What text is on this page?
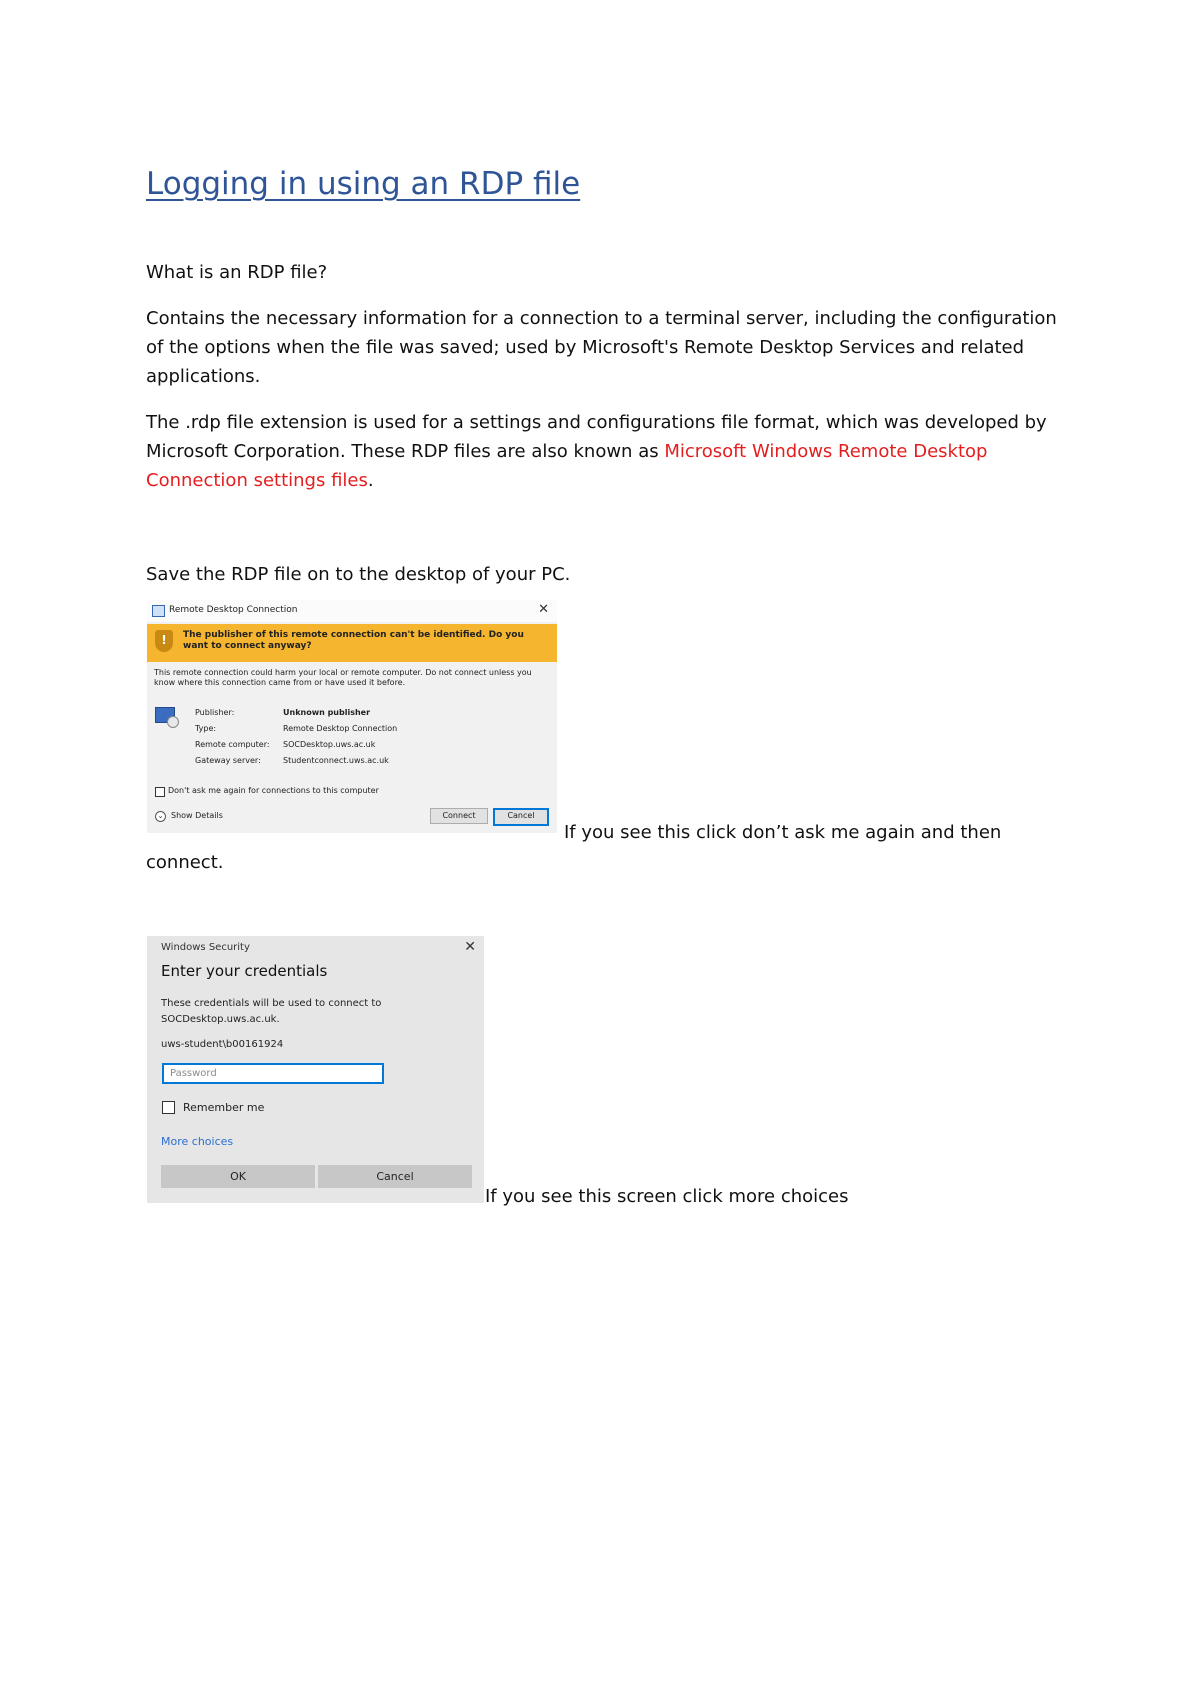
Logging in using an RDP file
What is an RDP file?
Contains the necessary information for a connection to a terminal server, including the configuration
of the options when the file was saved; used by Microsoft's Remote Desktop Services and related
applications.
The .rdp file extension is used for a settings and configurations file format, which was developed by
Microsoft Corporation. These RDP files are also known as Microsoft Windows Remote Desktop
Connection settings files.
Save the RDP file on to the desktop of your PC.
Remote Desktop Connection	✕
!	The publisher of this remote connection can't be identified. Do you want to connect anyway?
This remote connection could harm your local or remote computer. Do not connect unless you know where this connection came from or have used it before.
Publisher:	Unknown publisher
Type:	Remote Desktop Connection
Remote computer: SOCDesktop.uws.ac.uk
Gateway server:	Studentconnect.uws.ac.uk
Don't ask me again for connections to this computer
⌄ Show Details	Connect	Cancel
If you see this click don’t ask me again and then
connect.
Windows Security	✕
Enter your credentials
These credentials will be used to connect to SOCDesktop.uws.ac.uk.
uws-student\b00161924
Password
Remember me
More choices
OK	Cancel
If you see this screen click more choices
